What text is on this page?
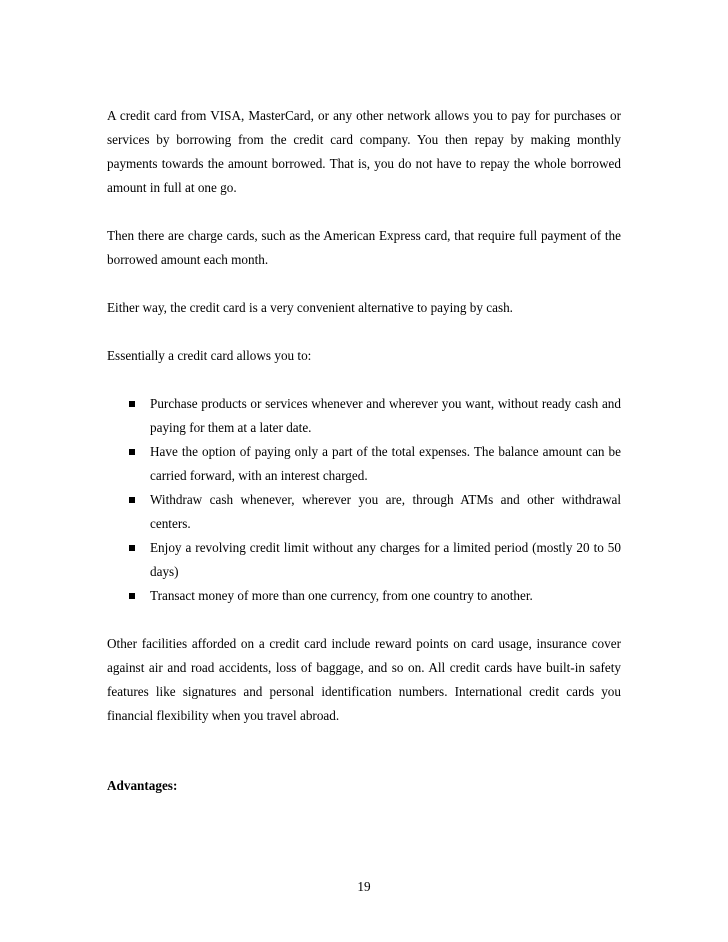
A credit card from VISA, MasterCard, or any other network allows you to pay for purchases or services by borrowing from the credit card company. You then repay by making monthly payments towards the amount borrowed. That is, you do not have to repay the whole borrowed amount in full at one go.

Then there are charge cards, such as the American Express card, that require full payment of the borrowed amount each month.

Either way, the credit card is a very convenient alternative to paying by cash.

Essentially a credit card allows you to:

Purchase products or services whenever and wherever you want, without ready cash and paying for them at a later date.
Have the option of paying only a part of the total expenses. The balance amount can be carried forward, with an interest charged.
Withdraw cash whenever, wherever you are, through ATMs and other withdrawal centers.
Enjoy a revolving credit limit without any charges for a limited period (mostly 20 to 50 days)
Transact money of more than one currency, from one country to another.

Other facilities afforded on a credit card include reward points on card usage, insurance cover against air and road accidents, loss of baggage, and so on. All credit cards have built-in safety features like signatures and personal identification numbers. International credit cards you financial flexibility when you travel abroad.

Advantages:

19
